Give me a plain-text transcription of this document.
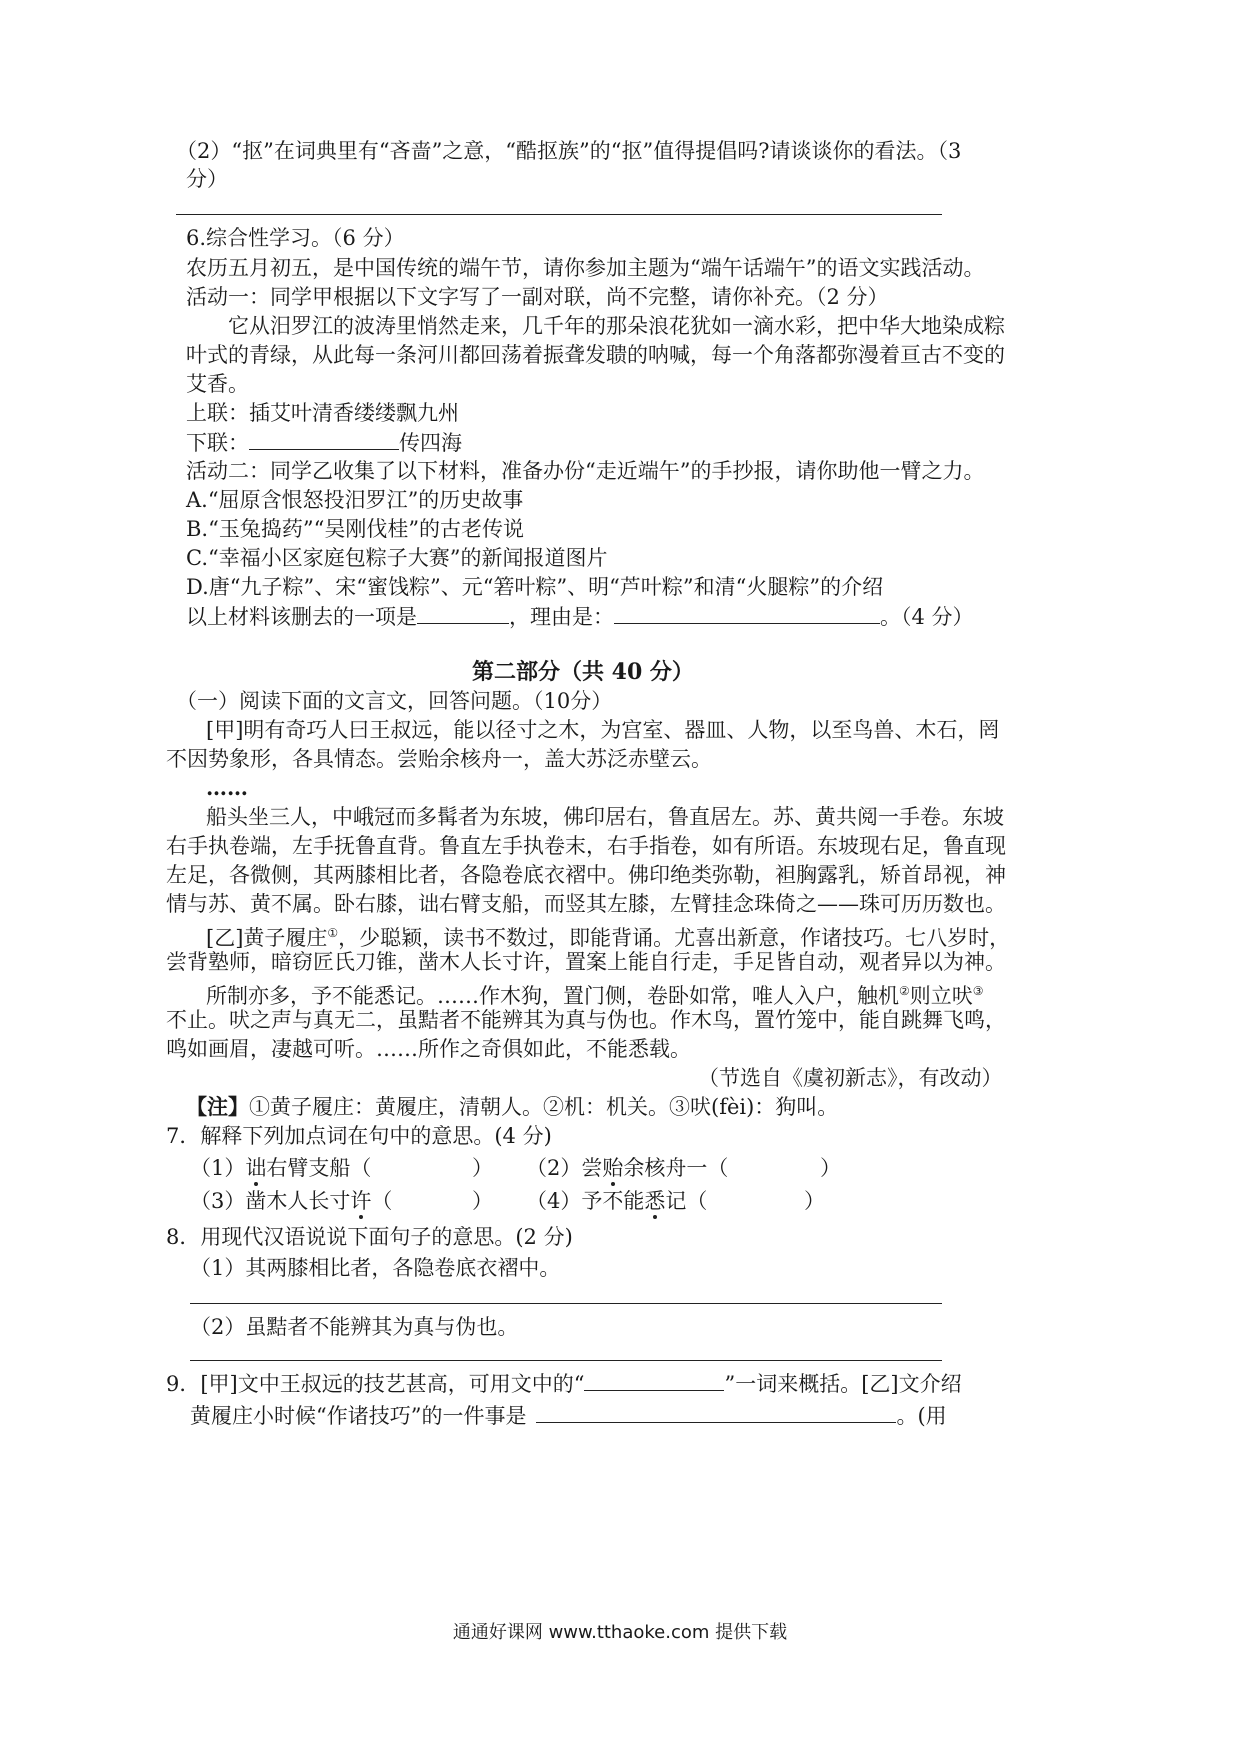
（2）“抠”在词典里有“吝啬”之意，“酷抠族”的“抠”值得提倡吗?请谈谈你的看法。（3
分）
6.综合性学习。（6 分）
农历五月初五，是中国传统的端午节，请你参加主题为“端午话端午”的语文实践活动。
活动一：同学甲根据以下文字写了一副对联，尚不完整，请你补充。（2 分）
它从汨罗江的波涛里悄然走来，几千年的那朵浪花犹如一滴水彩，把中华大地染成粽
叶式的青绿，从此每一条河川都回荡着振聋发聩的呐喊，每一个角落都弥漫着亘古不变的
艾香。
上联：插艾叶清香缕缕飘九州
下联：	传四海
活动二：同学乙收集了以下材料，准备办份“走近端午”的手抄报，请你助他一臂之力。
A.“屈原含恨怒投汨罗江”的历史故事
B.“玉兔捣药”“吴刚伐桂”的古老传说
C.“幸福小区家庭包粽子大赛”的新闻报道图片
D.唐“九子粽”、宋“蜜饯粽”、元“箬叶粽”、明“芦叶粽”和清“火腿粽”的介绍
以上材料该删去的一项是	，理由是：	。（4 分）
第二部分（共 40 分）
（一）阅读下面的文言文，回答问题。（10分）
[甲]明有奇巧人曰王叔远，能以径寸之木，为宫室、器皿、人物，以至鸟兽、木石，罔
不因势象形，各具情态。尝贻余核舟一，盖大苏泛赤壁云。
……
船头坐三人，中峨冠而多髯者为东坡，佛印居右，鲁直居左。苏、黄共阅一手卷。东坡
右手执卷端，左手抚鲁直背。鲁直左手执卷末，右手指卷，如有所语。东坡现右足，鲁直现
左足，各微侧，其两膝相比者，各隐卷底衣褶中。佛印绝类弥勒，袒胸露乳，矫首昂视，神
情与苏、黄不属。卧右膝，诎右臂支船，而竖其左膝，左臂挂念珠倚之——珠可历历数也。
[乙]黄子履庄①，少聪颖，读书不数过，即能背诵。尤喜出新意，作诸技巧。七八岁时，
尝背塾师，暗窃匠氏刀锥，凿木人长寸许，置案上能自行走，手足皆自动，观者异以为神。
所制亦多，予不能悉记。……作木狗，置门侧，卷卧如常，唯人入户，触机②则立吠③
不止。吠之声与真无二，虽黠者不能辨其为真与伪也。作木鸟，置竹笼中，能自跳舞飞鸣，
鸣如画眉，凄越可听。……所作之奇俱如此，不能悉载。
（节选自《虞初新志》，有改动）
【注】①黄子履庄：黄履庄，清朝人。②机：机关。③吠(fèi)：狗叫。
7．解释下列加点词在句中的意思。(4 分)
（1）诎右臂支船（	） （2）尝贻余核舟一（	）
（3）凿木人长寸许（	） （4）予不能悉记（	）
8．用现代汉语说说下面句子的意思。(2 分)
（1）其两膝相比者，各隐卷底衣褶中。
（2）虽黠者不能辨其为真与伪也。
9．[甲]文中王叔远的技艺甚高，可用文中的“	”一词来概括。[乙]文介绍
黄履庄小时候“作诸技巧”的一件事是	。(用
通通好课网 www.tthaoke.com 提供下载
